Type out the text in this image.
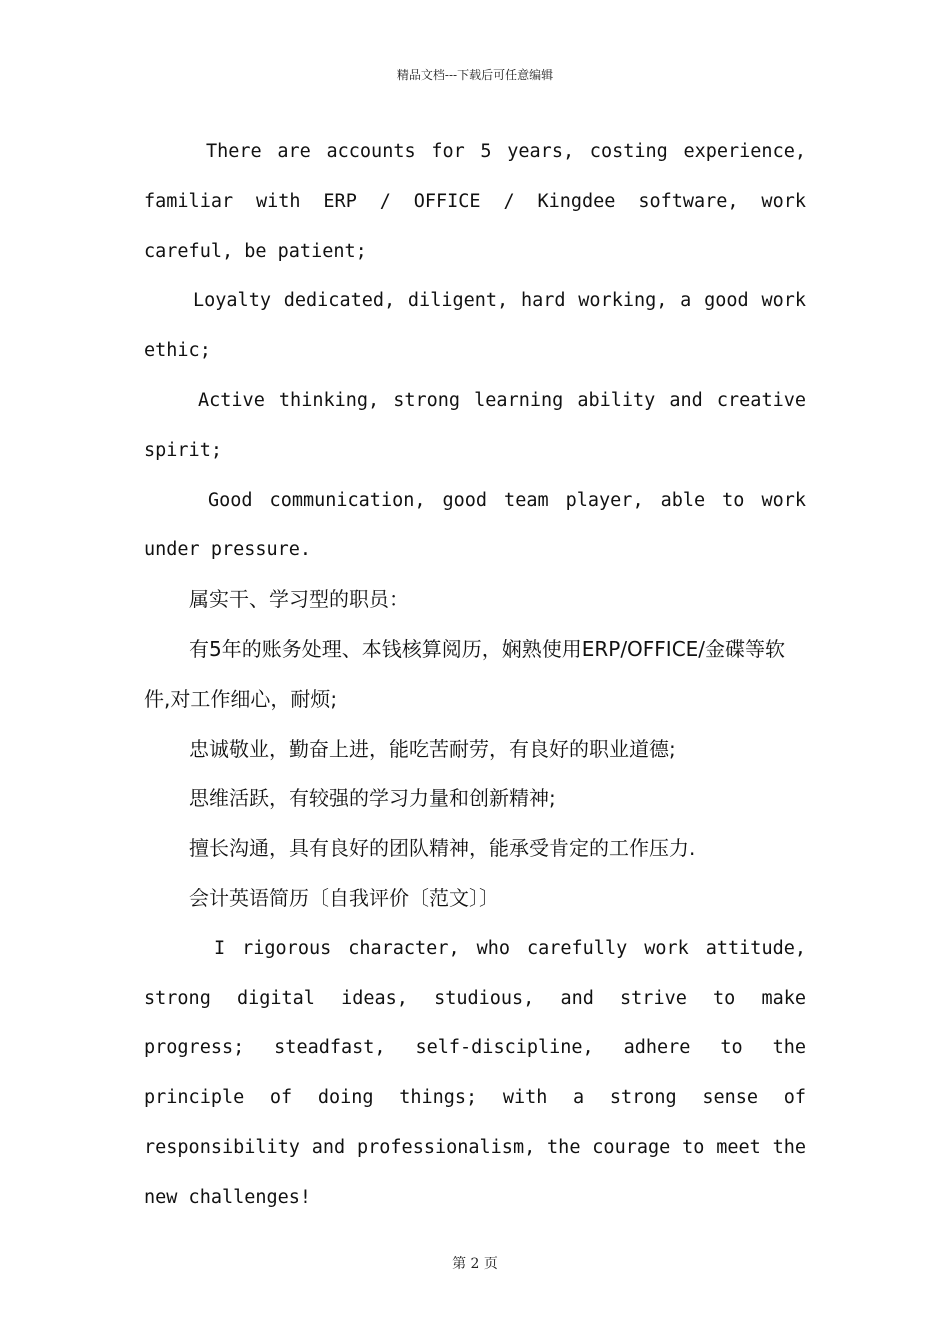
精品文档---下载后可任意编辑

There are accounts for 5 years, costing experience, familiar with ERP / OFFICE / Kingdee software, work careful, be patient;

Loyalty dedicated, diligent, hard working, a good work ethic;

Active thinking, strong learning ability and creative spirit;

Good communication, good team player, able to work under pressure.

属实干、学习型的职员：

有5年的账务处理、本钱核算阅历，娴熟使用ERP/OFFICE/金碟等软件,对工作细心，耐烦;

忠诚敬业，勤奋上进，能吃苦耐劳，有良好的职业道德;

思维活跃，有较强的学习力量和创新精神;

擅长沟通，具有良好的团队精神，能承受肯定的工作压力.

会计英语简历〔自我评价〔范文〕〕

I rigorous character, who carefully work attitude, strong digital ideas, studious, and strive to make progress; steadfast, self-discipline, adhere to the principle of doing things; with a strong sense of responsibility and professionalism, the courage to meet the new challenges!

第 2 页
